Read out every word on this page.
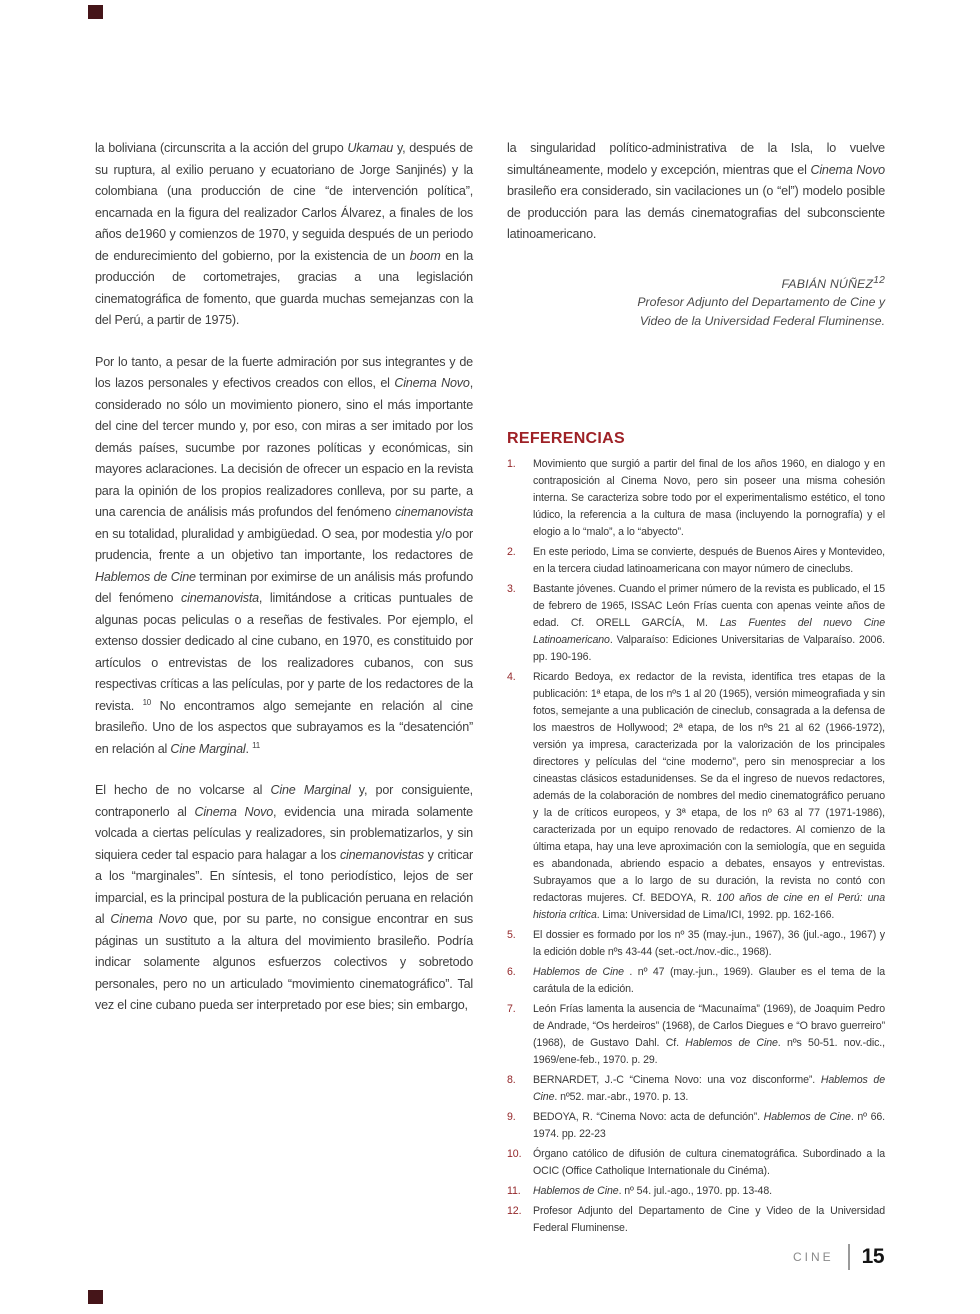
la boliviana (circunscrita a la acción del grupo Ukamau y, después de su ruptura, al exilio peruano y ecuatoriano de Jorge Sanjinés) y la colombiana (una producción de cine “de intervención política”, encarnada en la figura del realizador Carlos Álvarez, a finales de los años de1960 y comienzos de 1970, y seguida después de un periodo de endurecimiento del gobierno, por la existencia de un boom en la producción de cortometrajes, gracias a una legislación cinematográfica de fomento, que guarda muchas semejanzas con la del Perú, a partir de 1975).

Por lo tanto, a pesar de la fuerte admiración por sus integrantes y de los lazos personales y efectivos creados con ellos, el Cinema Novo, considerado no sólo un movimiento pionero, sino el más importante del cine del tercer mundo y, por eso, con miras a ser imitado por los demás países, sucumbe por razones políticas y económicas, sin mayores aclaraciones. La decisión de ofrecer un espacio en la revista para la opinión de los propios realizadores conlleva, por su parte, a una carencia de análisis más profundos del fenómeno cinemanovista en su totalidad, pluralidad y ambigüedad. O sea, por modestia y/o por prudencia, frente a un objetivo tan importante, los redactores de Hablemos de Cine terminan por eximirse de un análisis más profundo del fenómeno cinemanovista, limitándose a criticas puntuales de algunas pocas peliculas o a reseñas de festivales. Por ejemplo, el extenso dossier dedicado al cine cubano, en 1970, es constituido por artículos o entrevistas de los realizadores cubanos, con sus respectivas críticas a las películas, por y parte de los redactores de la revista. $^{10}$ No encontramos algo semejante en relación al cine brasileño. Uno de los aspectos que subrayamos es la “desatención” en relación al Cine Marginal. $^{11}$

El hecho de no volcarse al Cine Marginal y, por consiguiente, contraponerlo al Cinema Novo, evidencia una mirada solamente volcada a ciertas películas y realizadores, sin problematizarlos, y sin siquiera ceder tal espacio para halagar a los cinemanovistas y criticar a los “marginales”. En síntesis, el tono periodístico, lejos de ser imparcial, es la principal postura de la publicación peruana en relación al Cinema Novo que, por su parte, no consigue encontrar en sus páginas un sustituto a la altura del movimiento brasileño. Podría indicar solamente algunos esfuerzos colectivos y sobretodo personales, pero no un articulado “movimiento cinematográfico”. Tal vez el cine cubano pueda ser interpretado por ese bies; sin embargo,

la singularidad político-administrativa de la Isla, lo vuelve simultáneamente, modelo y excepción, mientras que el Cinema Novo brasileño era considerado, sin vacilaciones un (o “el”) modelo posible de producción para las demás cinematografias del subconsciente latinoamericano.

FABIÁN NÚÑEZ$^{12}$
Profesor Adjunto del Departamento de Cine y
Video de la Universidad Federal Fluminense.
REFERENCIAS
1.	Movimiento que surgió a partir del final de los años 1960, en dialogo y en contraposición al Cinema Novo, pero sin poseer una misma cohesión interna. Se caracteriza sobre todo por el experimentalismo estético, el tono lúdico, la referencia a la cultura de masa (incluyendo la pornografía) y el elogio a lo “malo”, a lo “abyecto”.
2.	En este periodo, Lima se convierte, después de Buenos Aires y Montevideo, en la tercera ciudad latinoamericana con mayor número de cineclubs.
3.	Bastante jóvenes. Cuando el primer número de la revista es publicado, el 15 de febrero de 1965, ISSAC León Frías cuenta con apenas veinte años de edad. Cf. ORELL GARCÍA, M. Las Fuentes del nuevo Cine Latinoamericano. Valparaíso: Ediciones Universitarias de Valparaíso. 2006. pp. 190-196.
4.	Ricardo Bedoya, ex redactor de la revista, identifica tres etapas de la publicación: 1ª etapa, de los nºs 1 al 20 (1965), versión mimeografiada y sin fotos, semejante a una publicación de cineclub, consagrada a la defensa de los maestros de Hollywood; 2ª etapa, de los nºs 21 al 62 (1966-1972), versión ya impresa, caracterizada por la valorización de los principales directores y películas del “cine moderno”, pero sin menospreciar a los cineastas clásicos estadunidenses. Se da el ingreso de nuevos redactores, además de la colaboración de nombres del medio cinematográfico peruano y la de críticos europeos, y 3ª etapa, de los nº 63 al 77 (1971-1986), caracterizada por un equipo renovado de redactores. Al comienzo de la última etapa, hay una leve aproximación con la semiología, que en seguida es abandonada, abriendo espacio a debates, ensayos y entrevistas. Subrayamos que a lo largo de su duración, la revista no contó con redactoras mujeres. Cf. BEDOYA, R. 100 años de cine en el Perú: una historia crítica. Lima: Universidad de Lima/ICI, 1992. pp. 162-166.
5.	El dossier es formado por los nº 35 (may.-jun., 1967), 36 (jul.-ago., 1967) y la edición doble nºs 43-44 (set.-oct./nov.-dic., 1968).
6.	Hablemos de Cine . nº 47 (may.-jun., 1969). Glauber es el tema de la carátula de la edición.
7.	León Frías lamenta la ausencia de “Macunaíma” (1969), de Joaquim Pedro de Andrade, “Os herdeiros” (1968), de Carlos Diegues e “O bravo guerreiro” (1968), de Gustavo Dahl. Cf. Hablemos de Cine. nºs 50-51. nov.-dic., 1969/ene-feb., 1970. p. 29.
8.	BERNARDET, J.-C “Cinema Novo: una voz disconforme”. Hablemos de Cine. nº52. mar.-abr., 1970. p. 13.
9.	BEDOYA, R. “Cinema Novo: acta de defunción”. Hablemos de Cine. nº 66. 1974. pp. 22-23
10.	Órgano católico de difusión de cultura cinematográfica. Subordinado a la OCIC (Office Catholique Internationale du Cinéma).
11.	Hablemos de Cine. nº 54. jul.-ago., 1970. pp. 13-48.
12.	Profesor Adjunto del Departamento de Cine y Video de la Universidad Federal Fluminense.
CINE 15
